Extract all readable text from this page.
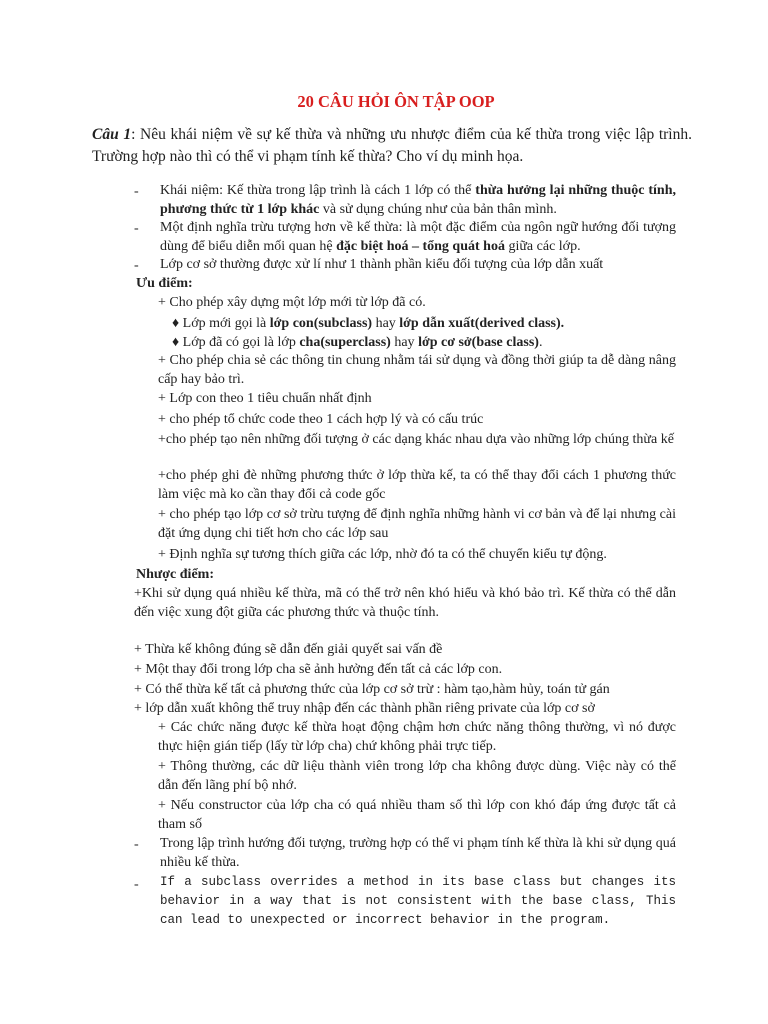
20 CÂU HỎI ÔN TẬP OOP
Câu 1: Nêu khái niệm về sự kế thừa và những ưu nhược điểm của kế thừa trong việc lập trình. Trường hợp nào thì có thể vi phạm tính kế thừa? Cho ví dụ minh họa.
- Khái niệm: Kế thừa trong lập trình là cách 1 lớp có thể thừa hưởng lại những thuộc tính, phương thức từ 1 lớp khác và sử dụng chúng như của bản thân mình.
- Một định nghĩa trừu tượng hơn về kế thừa: là một đặc điểm của ngôn ngữ hướng đối tượng dùng để biểu diễn mối quan hệ đặc biệt hoá – tổng quát hoá giữa các lớp.
- Lớp cơ sở thường được xử lí như 1 thành phần kiểu đối tượng của lớp dẫn xuất
Ưu điểm:
+ Cho phép xây dựng một lớp mới từ lớp đã có.
♦ Lớp mới gọi là lớp con(subclass) hay lớp dẫn xuất(derived class).
♦ Lớp đã có gọi là lớp cha(superclass) hay lớp cơ sở(base class).
+ Cho phép chia sẻ các thông tin chung nhằm tái sử dụng và đồng thời giúp ta dễ dàng nâng cấp hay bảo trì.
+ Lớp con theo 1 tiêu chuẩn nhất định
+ cho phép tổ chức code theo 1 cách hợp lý và có cấu trúc
+cho phép tạo nên những đối tượng ở các dạng khác nhau dựa vào những lớp chúng thừa kế
+cho phép ghi đè những phương thức ở lớp thừa kế, ta có thể thay đổi cách 1 phương thức làm việc mà ko cần thay đổi cả code gốc
+ cho phép tạo lớp cơ sở trừu tượng để định nghĩa những hành vi cơ bản và để lại nhưng cài đặt ứng dụng chi tiết hơn cho các lớp sau
+ Định nghĩa sự tương thích giữa các lớp, nhờ đó ta có thể chuyển kiểu tự động.
Nhược điểm:
+Khi sử dụng quá nhiều kế thừa, mã có thể trở nên khó hiểu và khó bảo trì. Kế thừa có thể dẫn đến việc xung đột giữa các phương thức và thuộc tính.
+ Thừa kế không đúng sẽ dẫn đến giải quyết sai vấn đề
+ Một thay đổi trong lớp cha sẽ ảnh hưởng đến tất cả các lớp con.
+ Có thể thừa kế tất cả phương thức của lớp cơ sở trừ : hàm tạo,hàm hủy, toán tử gán
+ lớp dẫn xuất không thể truy nhập đến các thành phần riêng private của lớp cơ sở
+ Các chức năng được kế thừa hoạt động chậm hơn chức năng thông thường, vì nó được thực hiện gián tiếp (lấy từ lớp cha) chứ không phải trực tiếp.
+ Thông thường, các dữ liệu thành viên trong lớp cha không được dùng. Việc này có thể dẫn đến lãng phí bộ nhớ.
+ Nếu constructor của lớp cha có quá nhiều tham số thì lớp con khó đáp ứng được tất cả tham số
- Trong lập trình hướng đối tượng, trường hợp có thể vi phạm tính kế thừa là khi sử dụng quá nhiều kế thừa.
- If a subclass overrides a method in its base class but changes its behavior in a way that is not consistent with the base class, This can lead to unexpected or incorrect behavior in the program.
